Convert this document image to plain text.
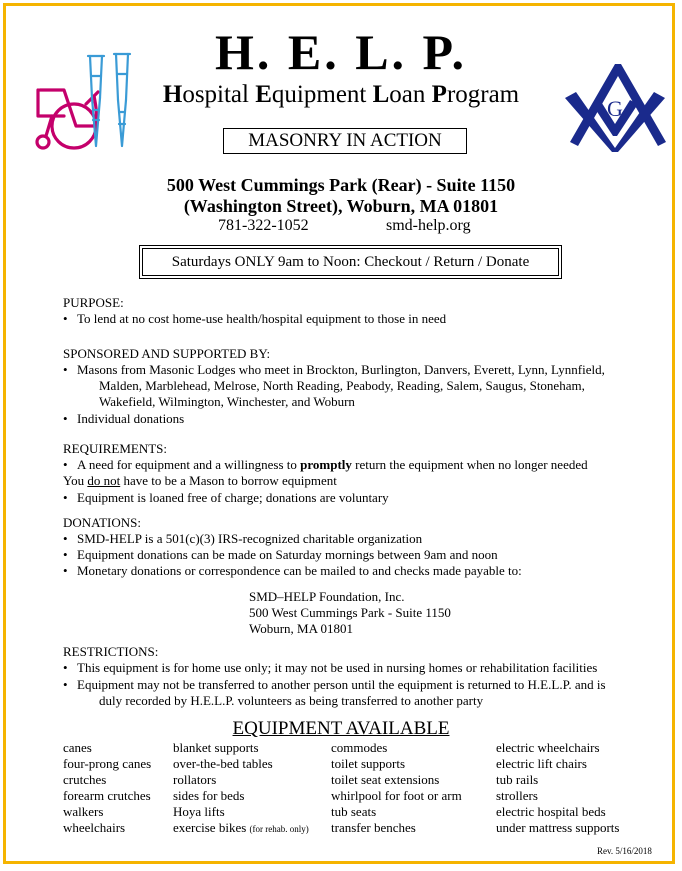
G
H. E. L. P.
Hospital Equipment Loan Program
MASONRY IN ACTION
500 West Cummings Park (Rear) - Suite 1150
(Washington Street), Woburn, MA 01801
781-322-1052	smd-help.org
Saturdays ONLY 9am to Noon: Checkout / Return / Donate
PURPOSE:
• To lend at no cost home-use health/hospital equipment to those in need
SPONSORED AND SUPPORTED BY:
• Masons from Masonic Lodges who meet in Brockton, Burlington, Danvers, Everett, Lynn, Lynnfield,
Malden, Marblehead, Melrose, North Reading, Peabody, Reading, Salem, Saugus, Stoneham,
Wakefield, Wilmington, Winchester, and Woburn
• Individual donations
REQUIREMENTS:
• A need for equipment and a willingness to promptly return the equipment when no longer needed
You do not have to be a Mason to borrow equipment
• Equipment is loaned free of charge; donations are voluntary
DONATIONS:
• SMD-HELP is a 501(c)(3) IRS-recognized charitable organization
• Equipment donations can be made on Saturday mornings between 9am and noon
• Monetary donations or correspondence can be mailed to and checks made payable to:
SMD–HELP Foundation, Inc.
500 West Cummings Park - Suite 1150
Woburn, MA 01801
RESTRICTIONS:
• This equipment is for home use only; it may not be used in nursing homes or rehabilitation facilities
• Equipment may not be transferred to another person until the equipment is returned to H.E.L.P. and is
duly recorded by H.E.L.P. volunteers as being transferred to another party
EQUIPMENT AVAILABLE
canes
four-prong canes
crutches
forearm crutches
walkers
wheelchairs
blanket supports
over-the-bed tables
rollators
sides for beds
Hoya lifts
exercise bikes (for rehab. only)
commodes
toilet supports
toilet seat extensions
whirlpool for foot or arm
tub seats
transfer benches
electric wheelchairs
electric lift chairs
tub rails
strollers
electric hospital beds
under mattress supports
Rev. 5/16/2018
